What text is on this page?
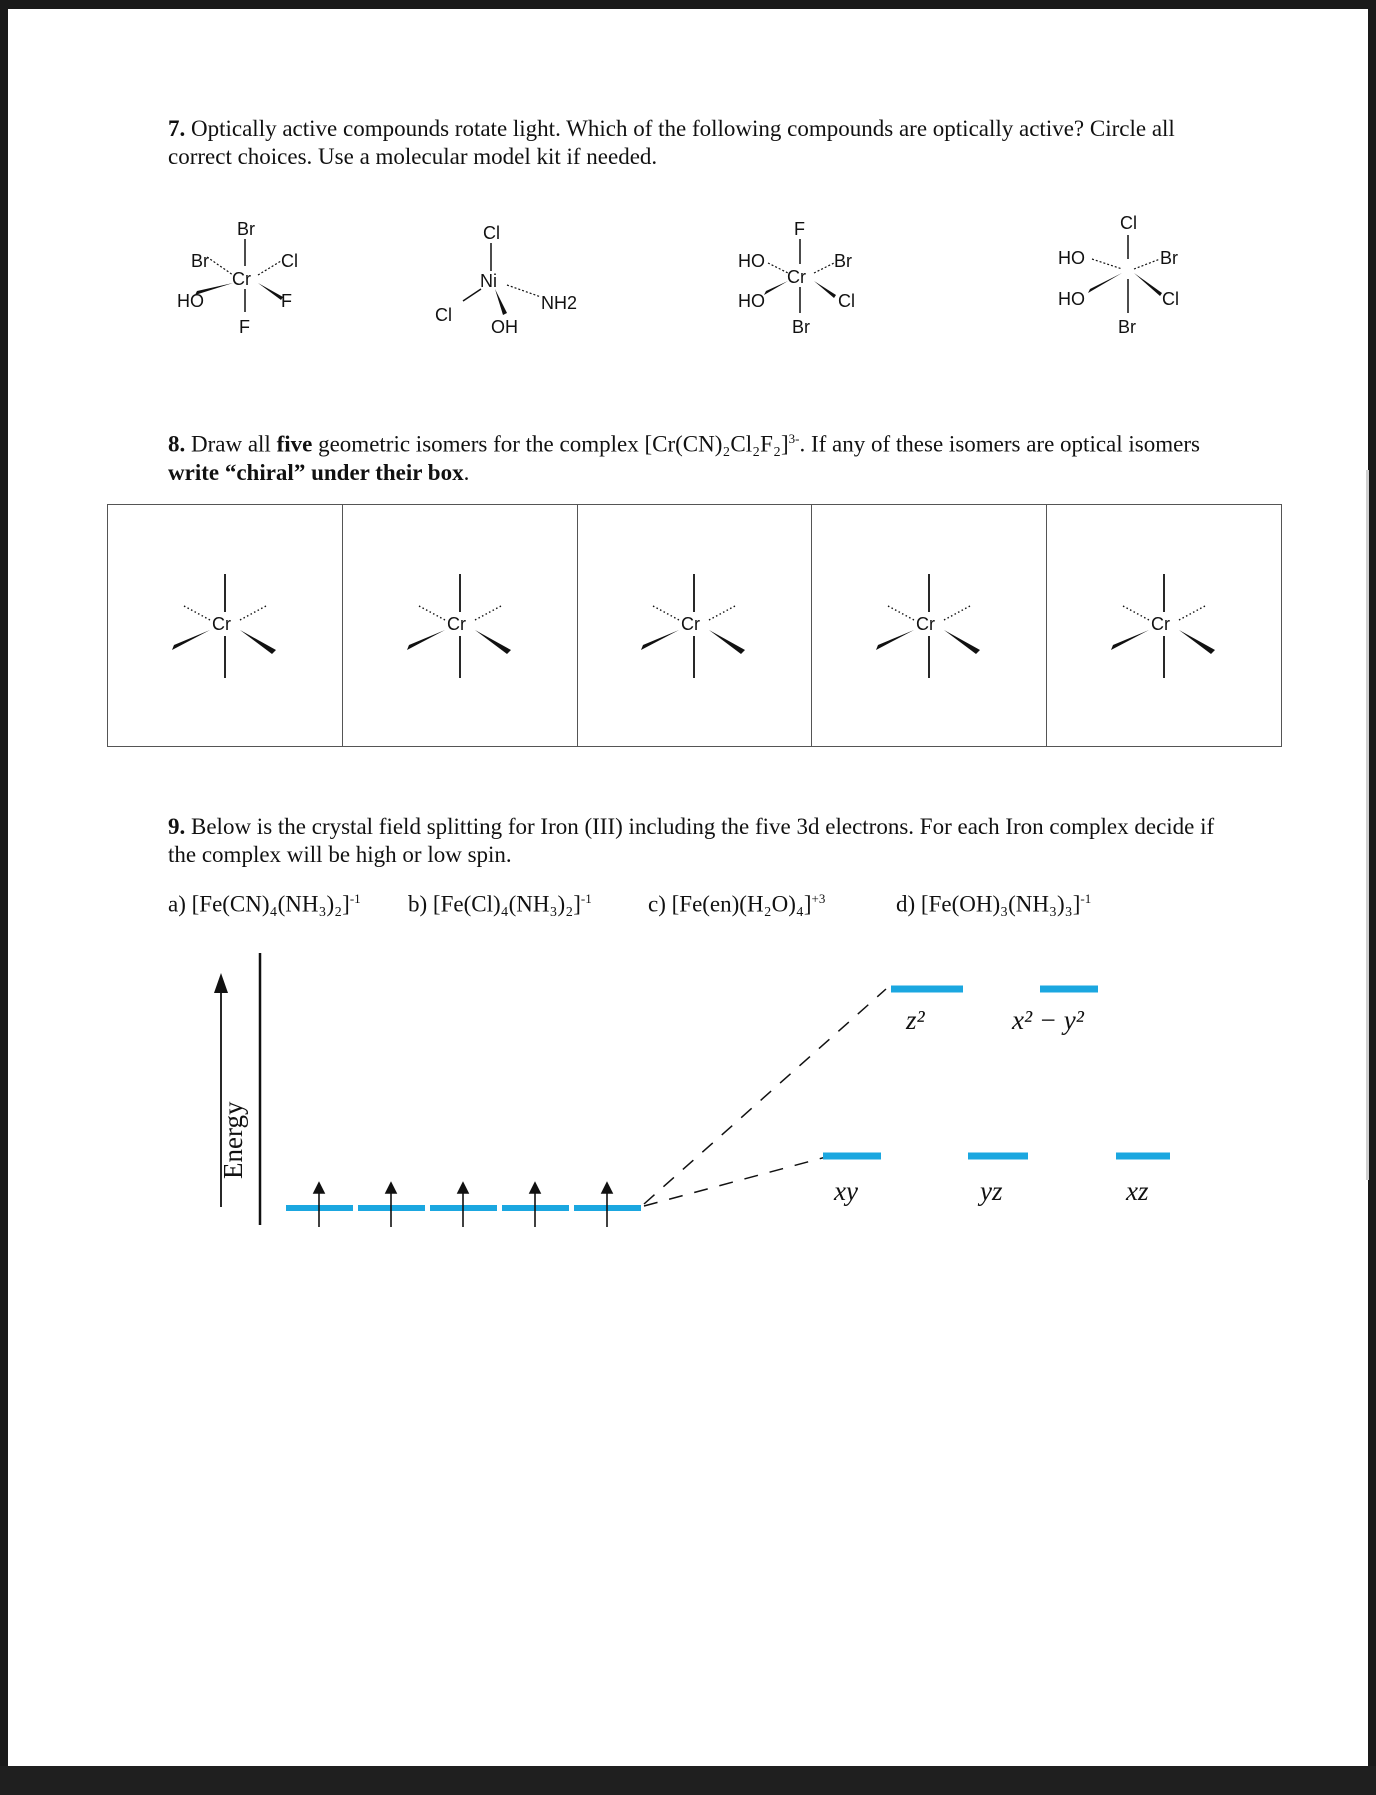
7. Optically active compounds rotate light. Which of the following compounds are optically active? Circle all correct choices. Use a molecular model kit if needed.
Br
Cr
F
Br	Cl
HO	F
Cl
Ni
Cl
NH2
OH
F
Cr
Br
HO	Br
HO	Cl
Cl
Br
HO	Br
HO	Cl
8. Draw all five geometric isomers for the complex $[Cr(CN)_2Cl_2F_2]^{3-}$. If any of these isomers are optical isomers write “chiral” under their box.
Cr	Cr	Cr	Cr	Cr
9. Below is the crystal field splitting for Iron (III) including the five 3d electrons. For each Iron complex decide if the complex will be high or low spin.
a) $[Fe(CN)_4(NH_3)_2]^{-1}$ b) $[Fe(Cl)_4(NH_3)_2]^{-1}$ c) $[Fe(en)(H_2O)_4]^{+3}$	d) $[Fe(OH)_3(NH_3)_3]^{-1}$
Energy
z²	x² − y²
xy	yz	xz
